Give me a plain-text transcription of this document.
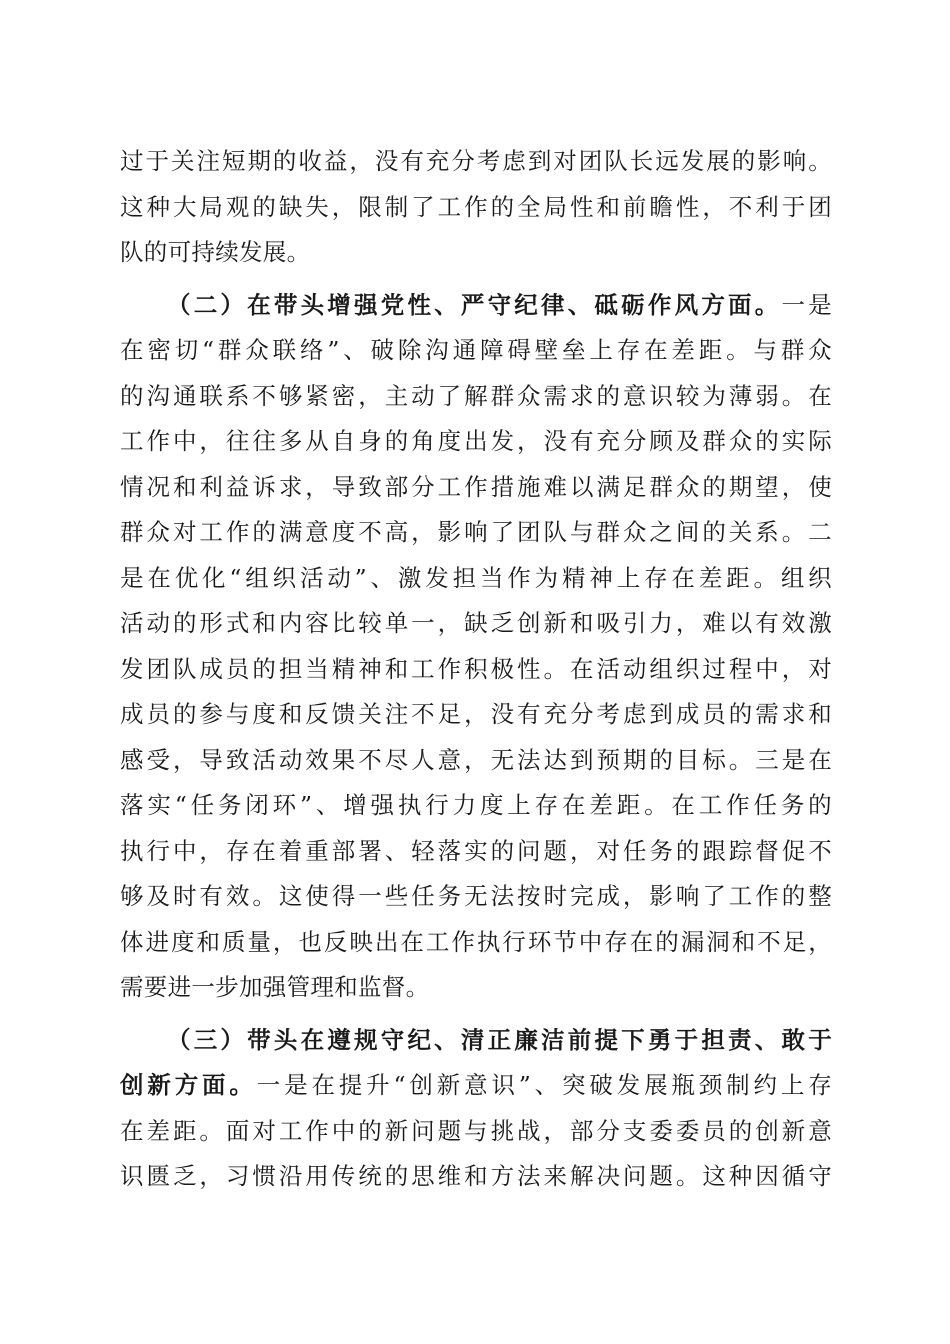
过于关注短期的收益，没有充分考虑到对团队长远发展的影响。
这种大局观的缺失，限制了工作的全局性和前瞻性，不利于团
队的可持续发展。
（二）在带头增强党性、严守纪律、砥砺作风方面。一是
在密切“群众联络”、破除沟通障碍壁垒上存在差距。与群众
的沟通联系不够紧密，主动了解群众需求的意识较为薄弱。在
工作中，往往多从自身的角度出发，没有充分顾及群众的实际
情况和利益诉求，导致部分工作措施难以满足群众的期望，使
群众对工作的满意度不高，影响了团队与群众之间的关系。二
是在优化“组织活动”、激发担当作为精神上存在差距。组织
活动的形式和内容比较单一，缺乏创新和吸引力，难以有效激
发团队成员的担当精神和工作积极性。在活动组织过程中，对
成员的参与度和反馈关注不足，没有充分考虑到成员的需求和
感受，导致活动效果不尽人意，无法达到预期的目标。三是在
落实“任务闭环”、增强执行力度上存在差距。在工作任务的
执行中，存在着重部署、轻落实的问题，对任务的跟踪督促不
够及时有效。这使得一些任务无法按时完成，影响了工作的整
体进度和质量，也反映出在工作执行环节中存在的漏洞和不足，
需要进一步加强管理和监督。
（三）带头在遵规守纪、清正廉洁前提下勇于担责、敢于
创新方面。一是在提升“创新意识”、突破发展瓶颈制约上存
在差距。面对工作中的新问题与挑战，部分支委委员的创新意
识匮乏，习惯沿用传统的思维和方法来解决问题。这种因循守
